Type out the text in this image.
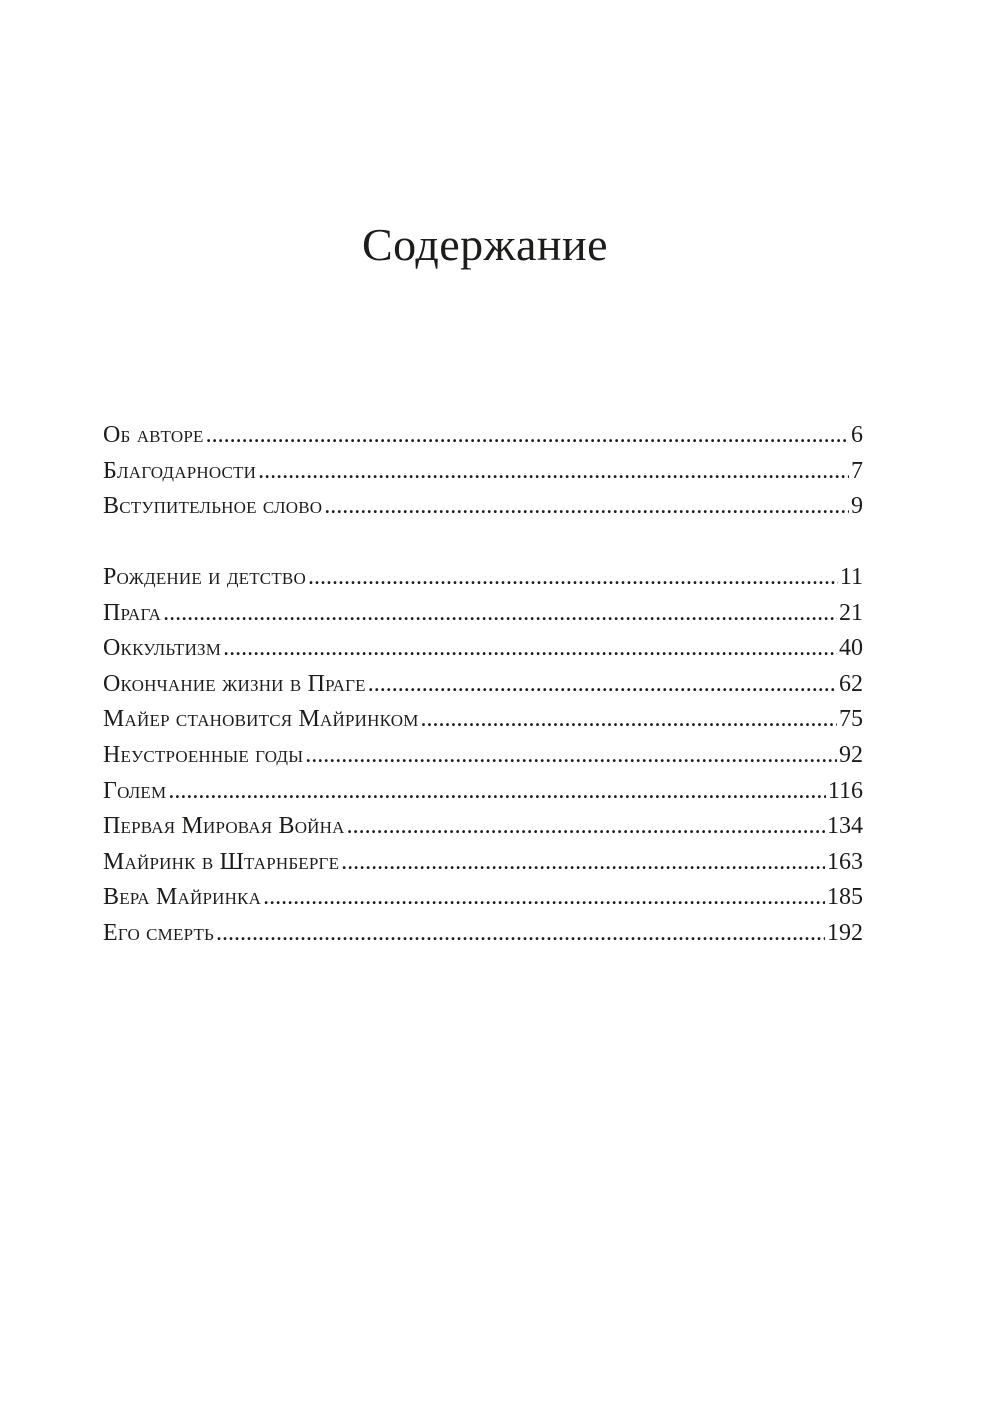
Содержание
Об авторе . . .	6
Благодарности . . .	7
Вступительное слово . . .	9
Рождение и детство . . .	11
Прага . . .	21
Оккультизм . . .	40
Окончание жизни в Праге . . .	62
Майер становится Майринком . . .	75
Неустроенные годы . . .	92
Голем . . .	116
Первая Мировая Война . . .	134
Майринк в Штарнберге . . .	163
Вера Майринка . . .	185
Его смерть . . .	192
